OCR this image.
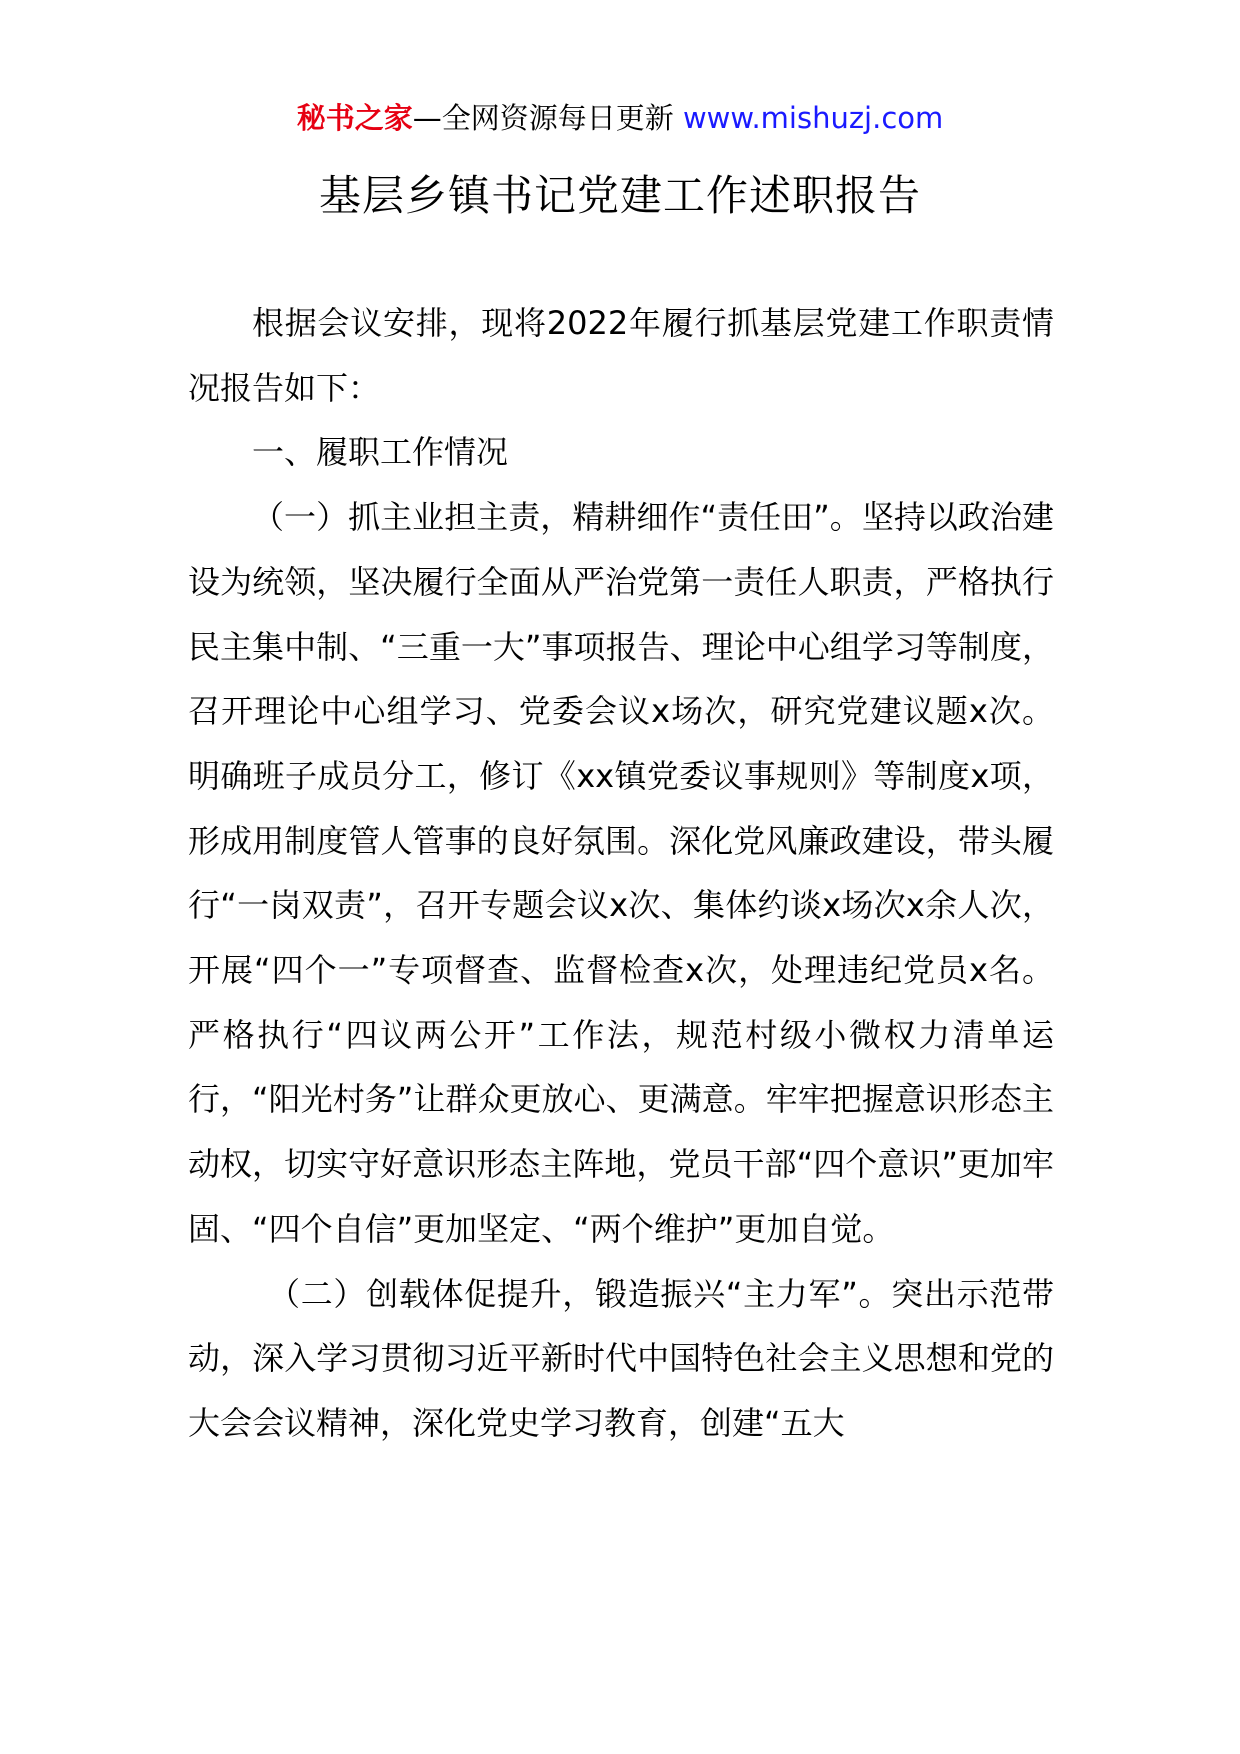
秘书之家—全网资源每日更新 www.mishuzj.com
基层乡镇书记党建工作述职报告

根据会议安排，现将2022年履行抓基层党建工作职责情况报告如下：

一、履职工作情况

（一）抓主业担主责，精耕细作“责任田”。坚持以政治建设为统领，坚决履行全面从严治党第一责任人职责，严格执行民主集中制、“三重一大”事项报告、理论中心组学习等制度，召开理论中心组学习、党委会议x场次，研究党建议题x次。明确班子成员分工，修订《xx镇党委议事规则》等制度x项，形成用制度管人管事的良好氛围。深化党风廉政建设，带头履行“一岗双责”，召开专题会议x次、集体约谈x场次x余人次，开展“四个一”专项督查、监督检查x次，处理违纪党员x名。严格执行“四议两公开”工作法，规范村级小微权力清单运行，“阳光村务”让群众更放心、更满意。牢牢把握意识形态主动权，切实守好意识形态主阵地，党员干部“四个意识”更加牢固、“四个自信”更加坚定、“两个维护”更加自觉。

（二）创载体促提升，锻造振兴“主力军”。突出示范带动，深入学习贯彻习近平新时代中国特色社会主义思想和党的大会会议精神，深化党史学习教育，创建“五大
